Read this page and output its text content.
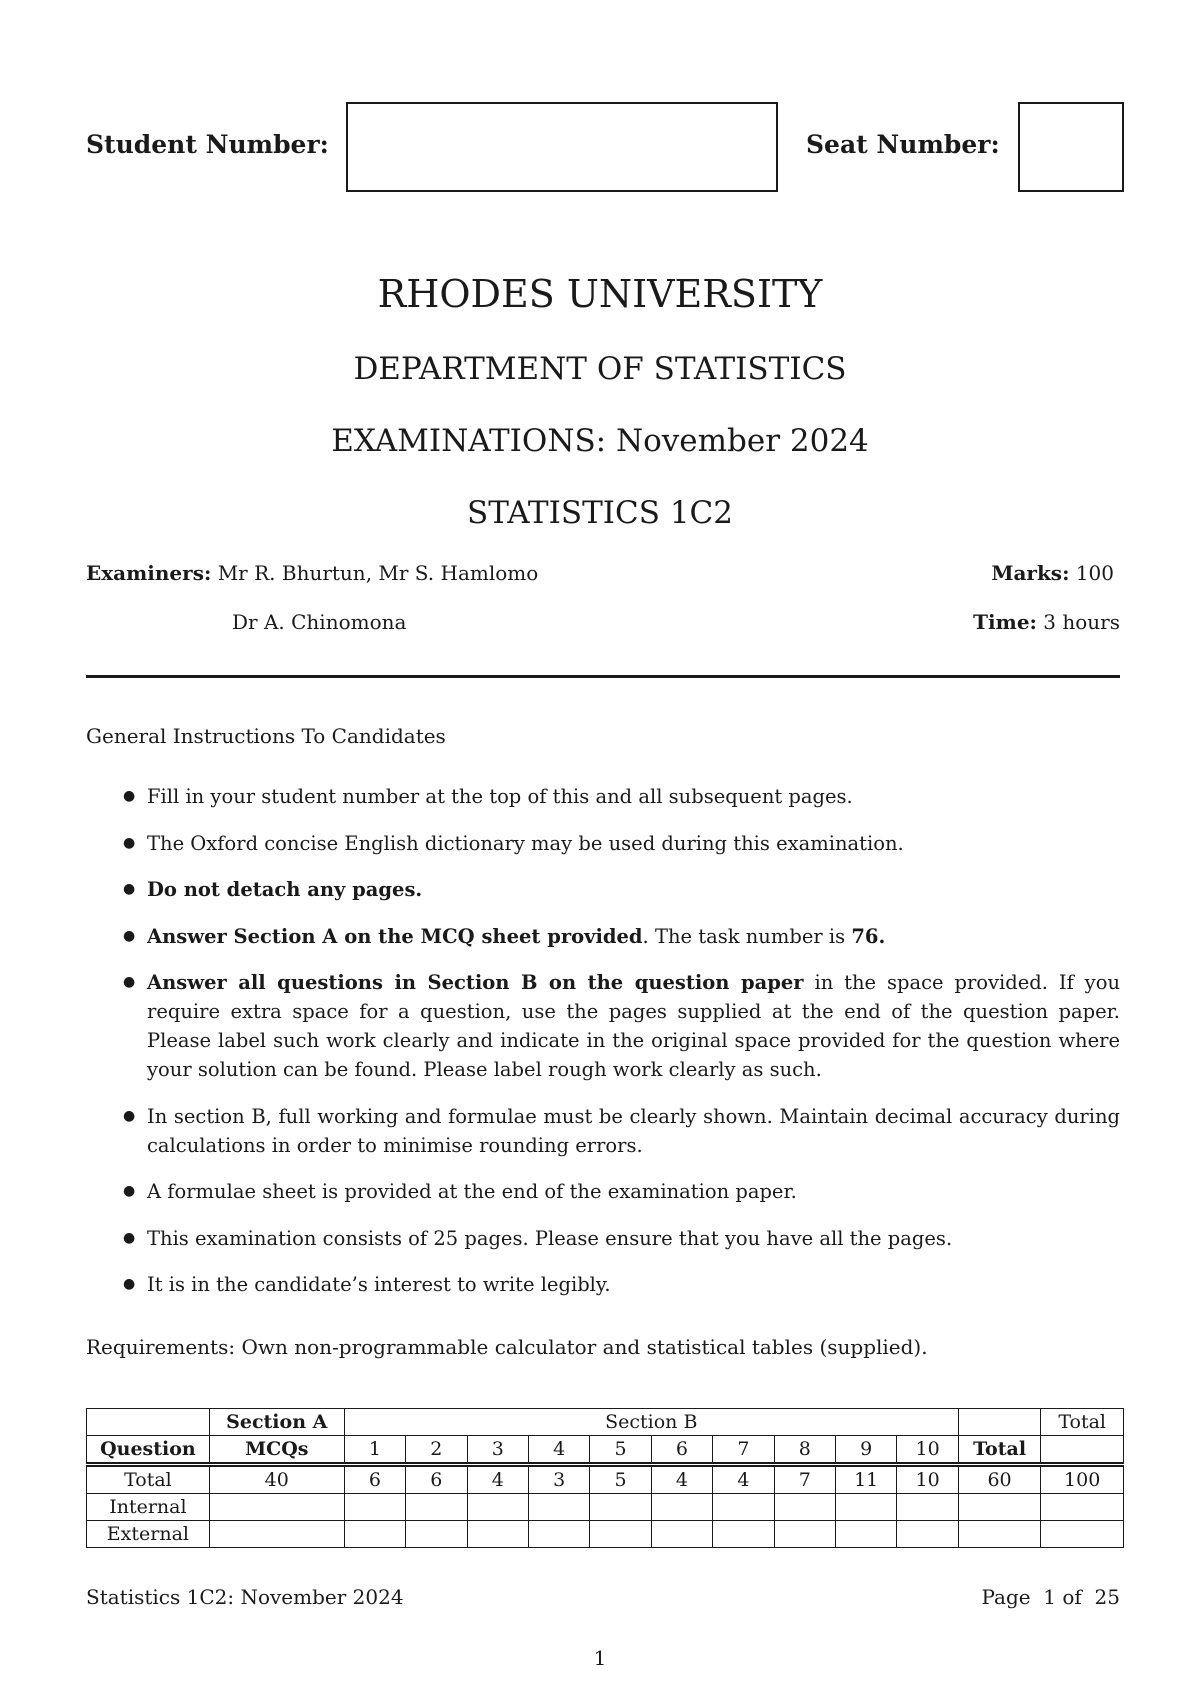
Student Number:	Seat Number:
RHODES UNIVERSITY
DEPARTMENT OF STATISTICS
EXAMINATIONS: November 2024
STATISTICS 1C2
Examiners: Mr R. Bhurtun, Mr S. Hamlomo
Dr A. Chinomona
Marks: 100
Time: 3 hours
General Instructions To Candidates
● Fill in your student number at the top of this and all subsequent pages.
● The Oxford concise English dictionary may be used during this examination.
● Do not detach any pages.
● Answer Section A on the MCQ sheet provided. The task number is 76.
● Answer all questions in Section B on the question paper in the space provided. If you require extra space for a question, use the pages supplied at the end of the question paper. Please label such work clearly and indicate in the original space provided for the question where your solution can be found. Please label rough work clearly as such.
● In section B, full working and formulae must be clearly shown. Maintain decimal accuracy during calculations in order to minimise rounding errors.
● A formulae sheet is provided at the end of the examination paper.
● This examination consists of 25 pages. Please ensure that you have all the pages.
● It is in the candidate’s interest to write legibly.
Requirements: Own non-programmable calculator and statistical tables (supplied).
	Section A	Section B											Total
Question	MCQs	1	2	3	4	5	6	7	8	9	10	Total	
Total	40	6	6	4	3	5	4	4	7	11	10	60	100
Internal													
External													
Statistics 1C2: November 2024	Page  1 of  25
1
